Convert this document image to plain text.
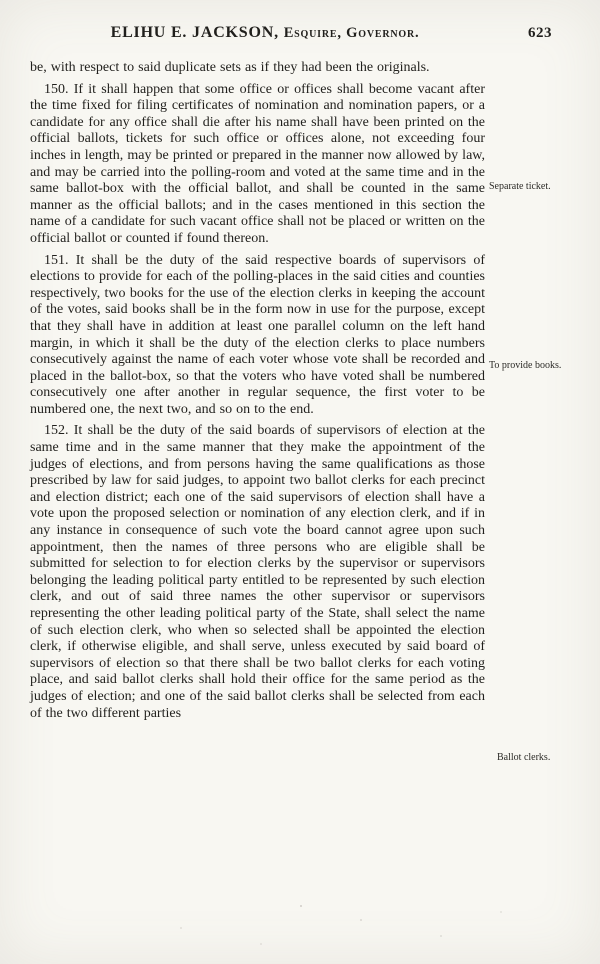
ELIHU E. JACKSON, Esquire, Governor.	623

be, with respect to said duplicate sets as if they had been the originals.

150. If it shall happen that some office or offices shall become vacant after the time fixed for filing certificates of nomination and nomination papers, or a candidate for any office shall die after his name shall have been printed on the official ballots, tickets for such office or offices alone, not exceeding four inches in length, may be printed or prepared in the manner now allowed by law, and may be carried into the polling-room and voted at the same time and in the same ballot-box with the official ballot, and shall be counted in the same manner as the official ballots; and in the cases mentioned in this section the name of a candidate for such vacant office shall not be placed or written on the official ballot or counted if found thereon.

151. It shall be the duty of the said respective boards of supervisors of elections to provide for each of the polling-places in the said cities and counties respectively, two books for the use of the election clerks in keeping the account of the votes, said books shall be in the form now in use for the purpose, except that they shall have in addition at least one parallel column on the left hand margin, in which it shall be the duty of the election clerks to place numbers consecutively against the name of each voter whose vote shall be recorded and placed in the ballot-box, so that the voters who have voted shall be numbered consecutively one after another in regular sequence, the first voter to be numbered one, the next two, and so on to the end.

152. It shall be the duty of the said boards of supervisors of election at the same time and in the same manner that they make the appointment of the judges of elections, and from persons having the same qualifications as those prescribed by law for said judges, to appoint two ballot clerks for each precinct and election district; each one of the said supervisors of election shall have a vote upon the proposed selection or nomination of any election clerk, and if in any instance in consequence of such vote the board cannot agree upon such appointment, then the names of three persons who are eligible shall be submitted for selection to for election clerks by the supervisor or supervisors belonging the leading political party entitled to be represented by such election clerk, and out of said three names the other supervisor or supervisors representing the other leading political party of the State, shall select the name of such election clerk, who when so selected shall be appointed the election clerk, if otherwise eligible, and shall serve, unless executed by said board of supervisors of election so that there shall be two ballot clerks for each voting place, and said ballot clerks shall hold their office for the same period as the judges of election; and one of the said ballot clerks shall be selected from each of the two different parties

Separate ticket.
To provide books.
Ballot clerks.
